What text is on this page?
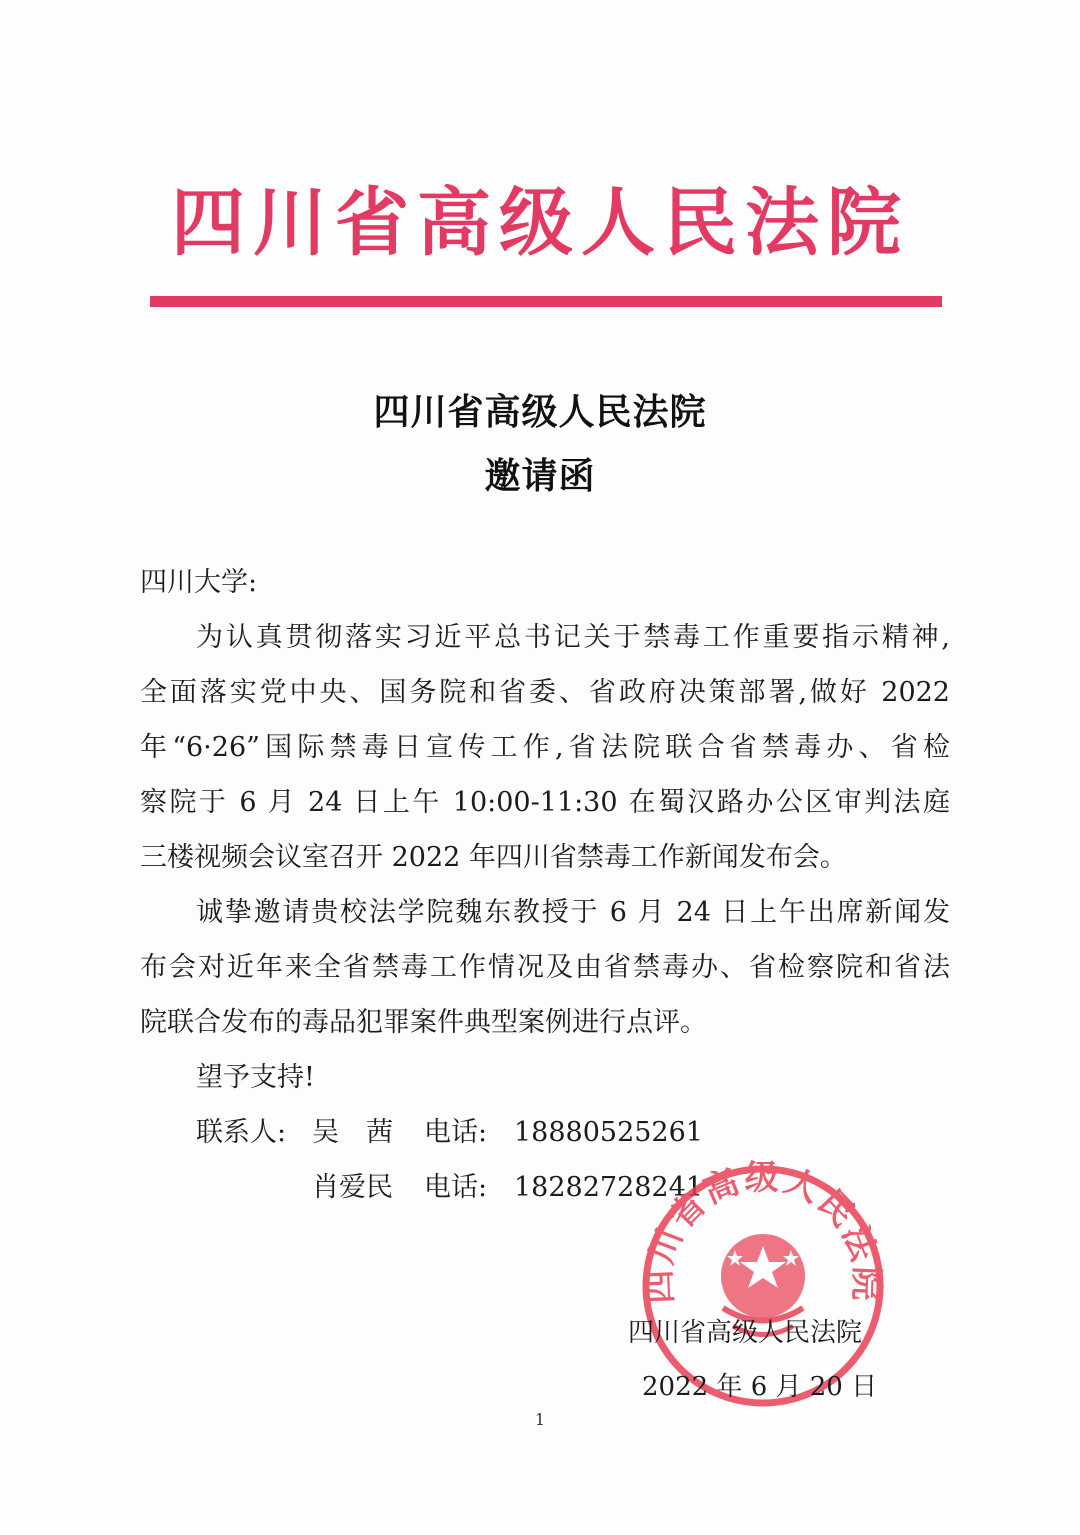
四川省高级人民法院
四川省高级人民法院
邀请函
四川大学:
为认真贯彻落实习近平总书记关于禁毒工作重要指示精神,
全面落实党中央、国务院和省委、省政府决策部署,做好 2022
年“6·26”国际禁毒日宣传工作,省法院联合省禁毒办、省检
察院于 6 月 24 日上午 10:00-11:30 在蜀汉路办公区审判法庭
三楼视频会议室召开 2022 年四川省禁毒工作新闻发布会。
诚挚邀请贵校法学院魏东教授于 6 月 24 日上午出席新闻发
布会对近年来全省禁毒工作情况及由省禁毒办、省检察院和省法
院联合发布的毒品犯罪案件典型案例进行点评。
望予支持!
联系人: 吴　茜 电话: 18880525261
肖爱民 电话: 18282728241
四川省高级人民法院
四川省高级人民法院
2022 年 6 月 20 日
1
